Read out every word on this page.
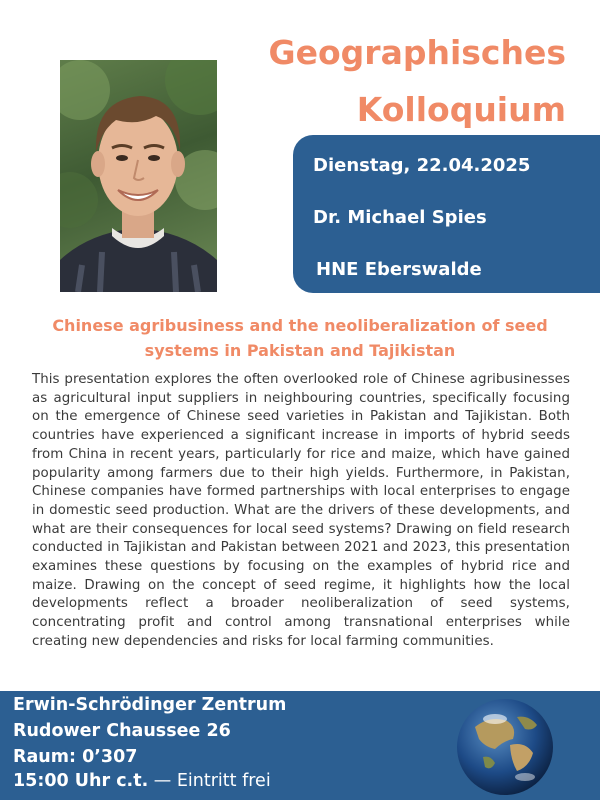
Geographisches
Kolloquium
Dienstag, 22.04.2025
Dr. Michael Spies
HNE Eberswalde
Chinese agribusiness and the neoliberalization of seed systems in Pakistan and Tajikistan

This presentation explores the often overlooked role of Chinese agribusinesses as agricultural input suppliers in neighbouring countries, specifically focusing on the emergence of Chinese seed varieties in Pakistan and Tajikistan. Both countries have experienced a significant increase in imports of hybrid seeds from China in recent years, particularly for rice and maize, which have gained popularity among farmers due to their high yields. Furthermore, in Pakistan, Chinese companies have formed partnerships with local enterprises to engage in domestic seed production. What are the drivers of these developments, and what are their consequences for local seed systems? Drawing on field research conducted in Tajikistan and Pakistan between 2021 and 2023, this presentation examines these questions by focusing on the examples of hybrid rice and maize. Drawing on the concept of seed regime, it highlights how the local developments reflect a broader neoliberalization of seed systems, concentrating profit and control among transnational enterprises while creating new dependencies and risks for local farming communities.

Erwin-Schrödinger Zentrum
Rudower Chaussee 26
Raum: 0’307
15:00 Uhr c.t. — Eintritt frei
